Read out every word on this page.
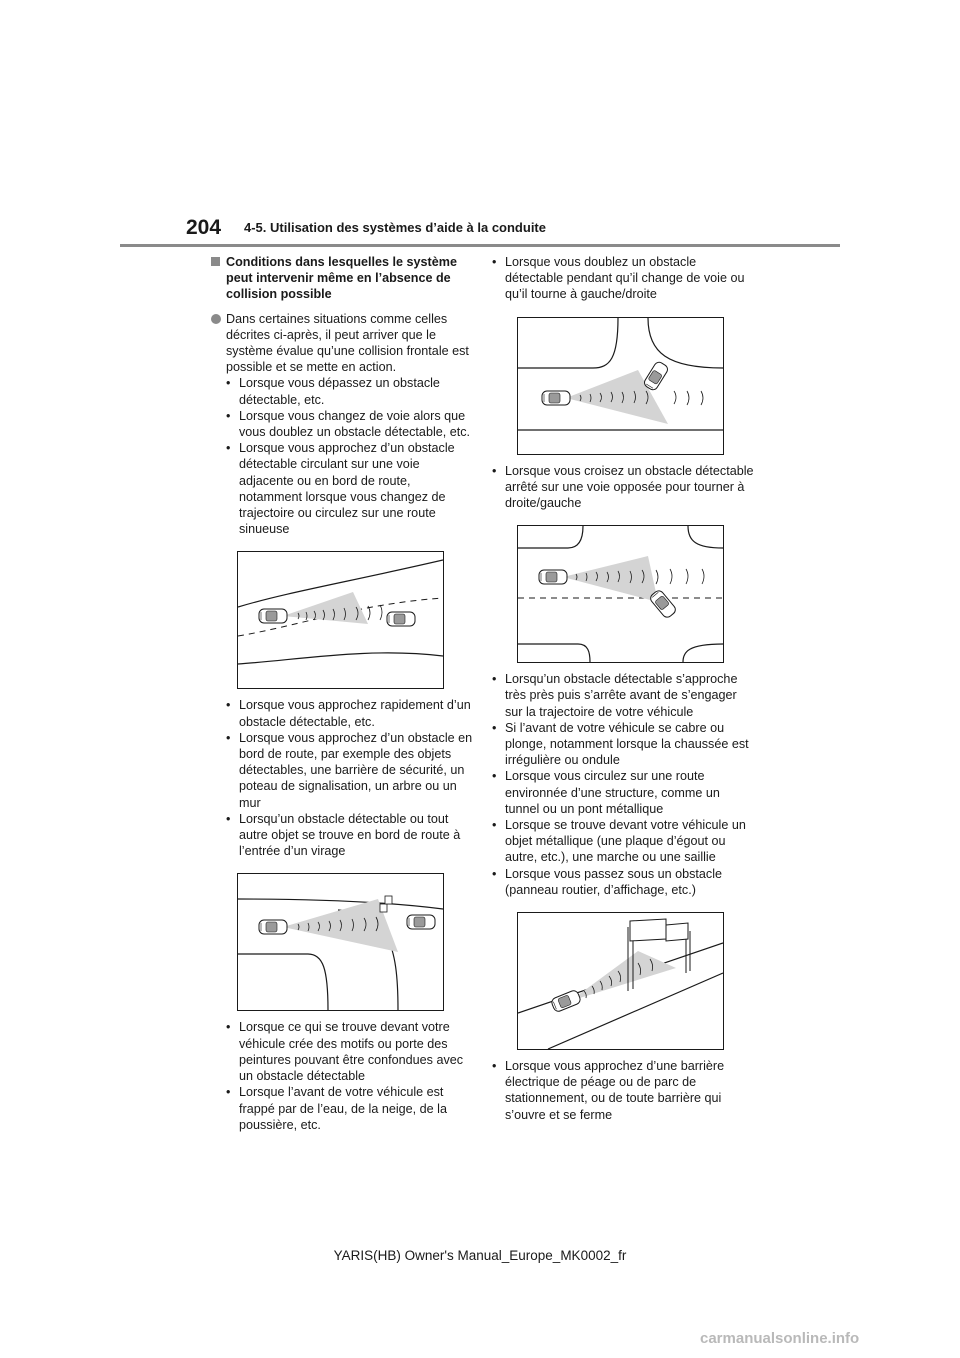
204 4-5. Utilisation des systèmes d’aide à la conduite
Conditions dans lesquelles le système peut intervenir même en l’absence de collision possible
Dans certaines situations comme celles décrites ci-après, il peut arriver que le système évalue qu’une collision frontale est possible et se mette en action.
• Lorsque vous dépassez un obstacle détectable, etc.
• Lorsque vous changez de voie alors que vous doublez un obstacle détectable, etc.
• Lorsque vous approchez d’un obstacle détectable circulant sur une voie adjacente ou en bord de route, notamment lorsque vous changez de trajectoire ou circulez sur une route sinueuse
• Lorsque vous approchez rapidement d’un obstacle détectable, etc.
• Lorsque vous approchez d’un obstacle en bord de route, par exemple des objets détectables, une barrière de sécurité, un poteau de signalisation, un arbre ou un mur
• Lorsqu’un obstacle détectable ou tout autre objet se trouve en bord de route à l’entrée d’un virage
• Lorsque ce qui se trouve devant votre véhicule crée des motifs ou porte des peintures pouvant être confondues avec un obstacle détectable
• Lorsque l’avant de votre véhicule est frappé par de l’eau, de la neige, de la poussière, etc.
• Lorsque vous doublez un obstacle détectable pendant qu’il change de voie ou qu’il tourne à gauche/droite
• Lorsque vous croisez un obstacle détectable arrêté sur une voie opposée pour tourner à droite/gauche
• Lorsqu’un obstacle détectable s’approche très près puis s’arrête avant de s’engager sur la trajectoire de votre véhicule
• Si l’avant de votre véhicule se cabre ou plonge, notamment lorsque la chaussée est irrégulière ou ondule
• Lorsque vous circulez sur une route environnée d’une structure, comme un tunnel ou un pont métallique
• Lorsque se trouve devant votre véhicule un objet métallique (une plaque d’égout ou autre, etc.), une marche ou une saillie
• Lorsque vous passez sous un obstacle (panneau routier, d’affichage, etc.)
• Lorsque vous approchez d’une barrière électrique de péage ou de parc de stationnement, ou de toute barrière qui s’ouvre et se ferme
YARIS(HB) Owner's Manual_Europe_MK0002_fr
carmanualsonline.info
